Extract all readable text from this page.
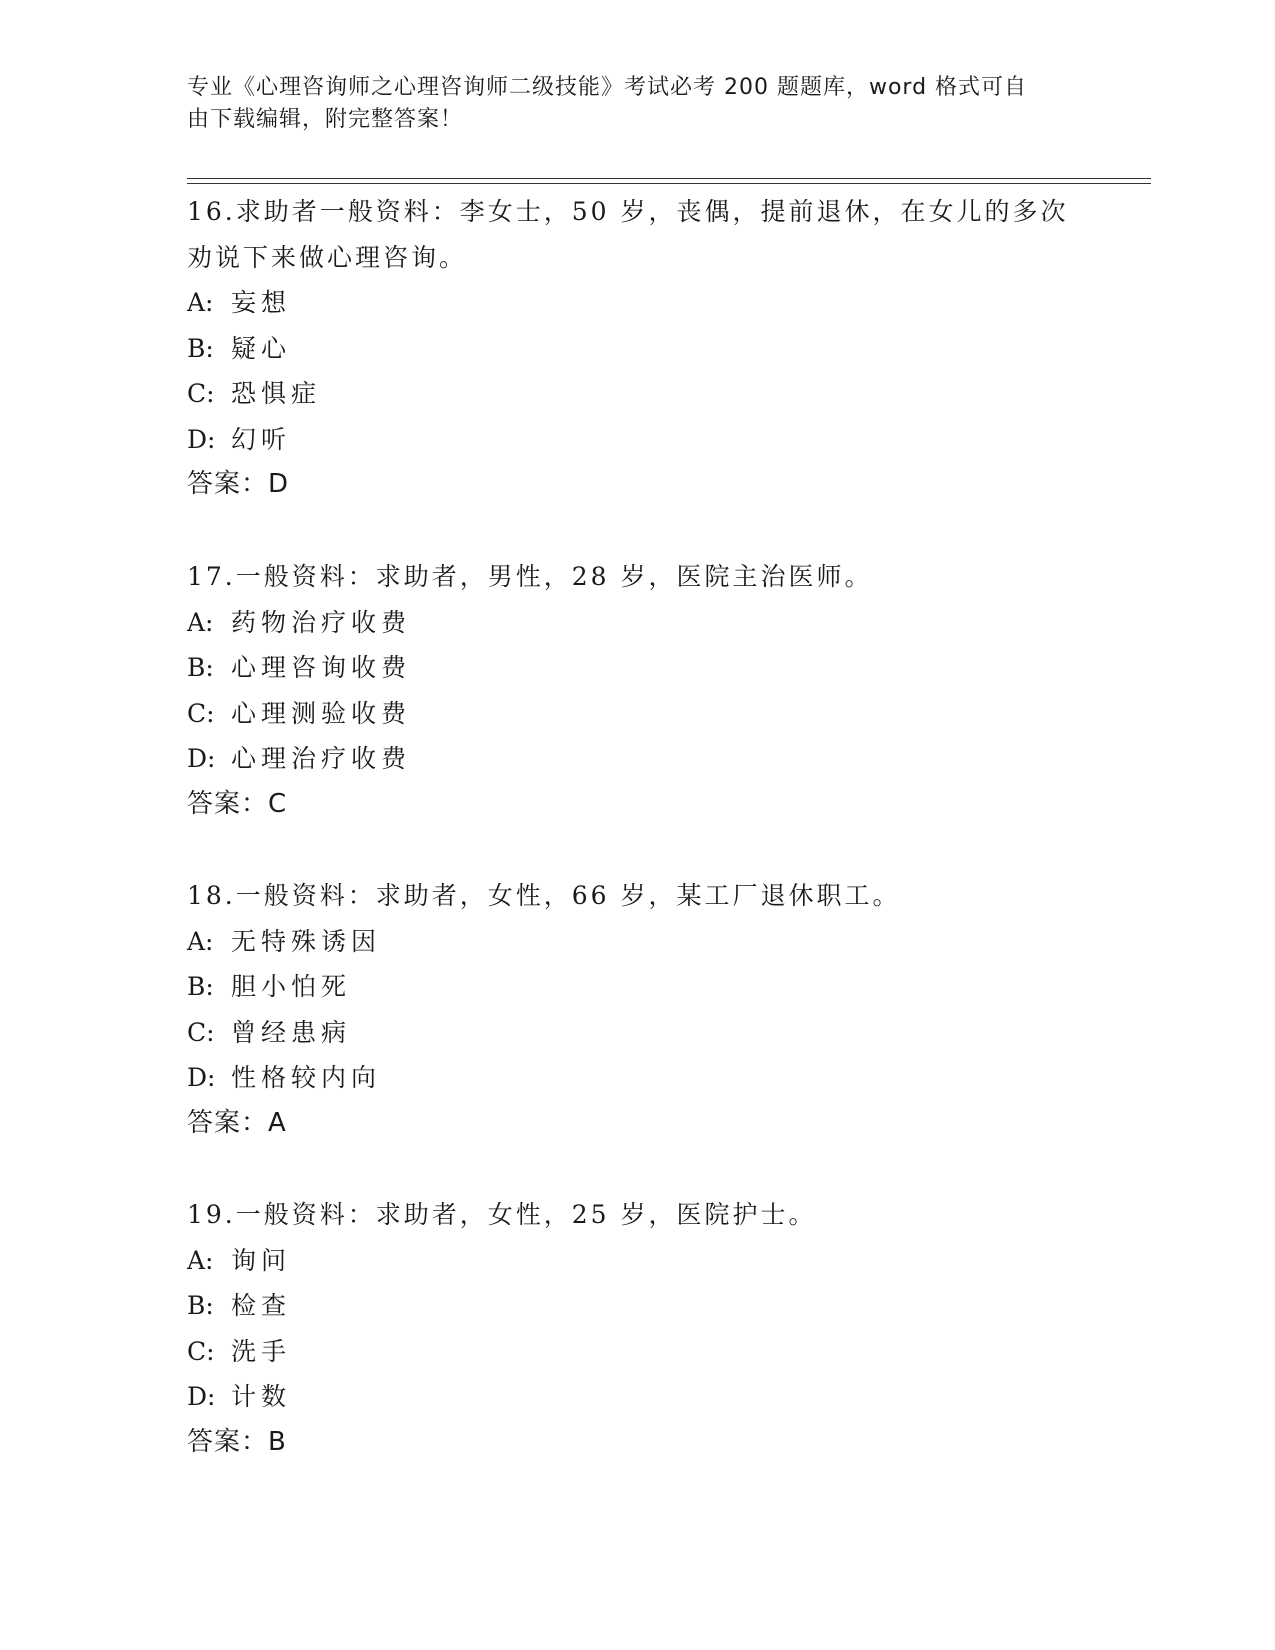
专业《心理咨询师之心理咨询师二级技能》考试必考 200 题题库，word 格式可自
由下载编辑，附完整答案！
16.求助者一般资料：李女士，50 岁，丧偶，提前退休，在女儿的多次
劝说下来做心理咨询。
A: 妄想
B: 疑心
C: 恐惧症
D: 幻听
答案：D
17.一般资料：求助者，男性，28 岁，医院主治医师。
A: 药物治疗收费
B: 心理咨询收费
C: 心理测验收费
D: 心理治疗收费
答案：C
18.一般资料：求助者，女性，66 岁，某工厂退休职工。
A: 无特殊诱因
B: 胆小怕死
C: 曾经患病
D: 性格较内向
答案：A
19.一般资料：求助者，女性，25 岁，医院护士。
A: 询问
B: 检查
C: 洗手
D: 计数
答案：B
